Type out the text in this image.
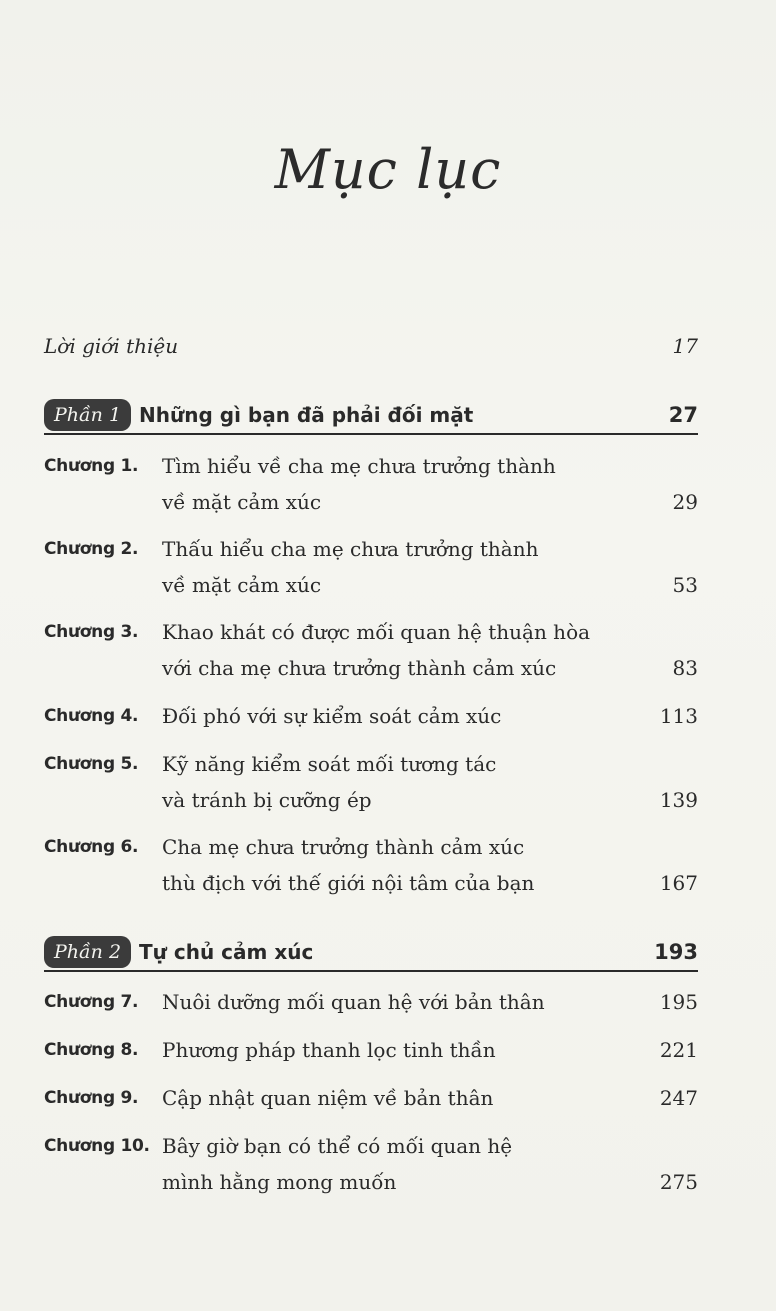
Mục lục
Lời giới thiệu	17
Phần 1 Những gì bạn đã phải đối mặt	27
Chương 1. Tìm hiểu về cha mẹ chưa trưởng thành
về mặt cảm xúc	29
Chương 2. Thấu hiểu cha mẹ chưa trưởng thành
về mặt cảm xúc	53
Chương 3. Khao khát có được mối quan hệ thuận hòa
với cha mẹ chưa trưởng thành cảm xúc	83
Chương 4. Đối phó với sự kiểm soát cảm xúc	113
Chương 5. Kỹ năng kiểm soát mối tương tác
và tránh bị cưỡng ép	139
Chương 6. Cha mẹ chưa trưởng thành cảm xúc
thù địch với thế giới nội tâm của bạn	167
Phần 2 Tự chủ cảm xúc	193
Chương 7. Nuôi dưỡng mối quan hệ với bản thân	195
Chương 8. Phương pháp thanh lọc tinh thần	221
Chương 9. Cập nhật quan niệm về bản thân	247
Chương 10. Bây giờ bạn có thể có mối quan hệ
mình hằng mong muốn	275
